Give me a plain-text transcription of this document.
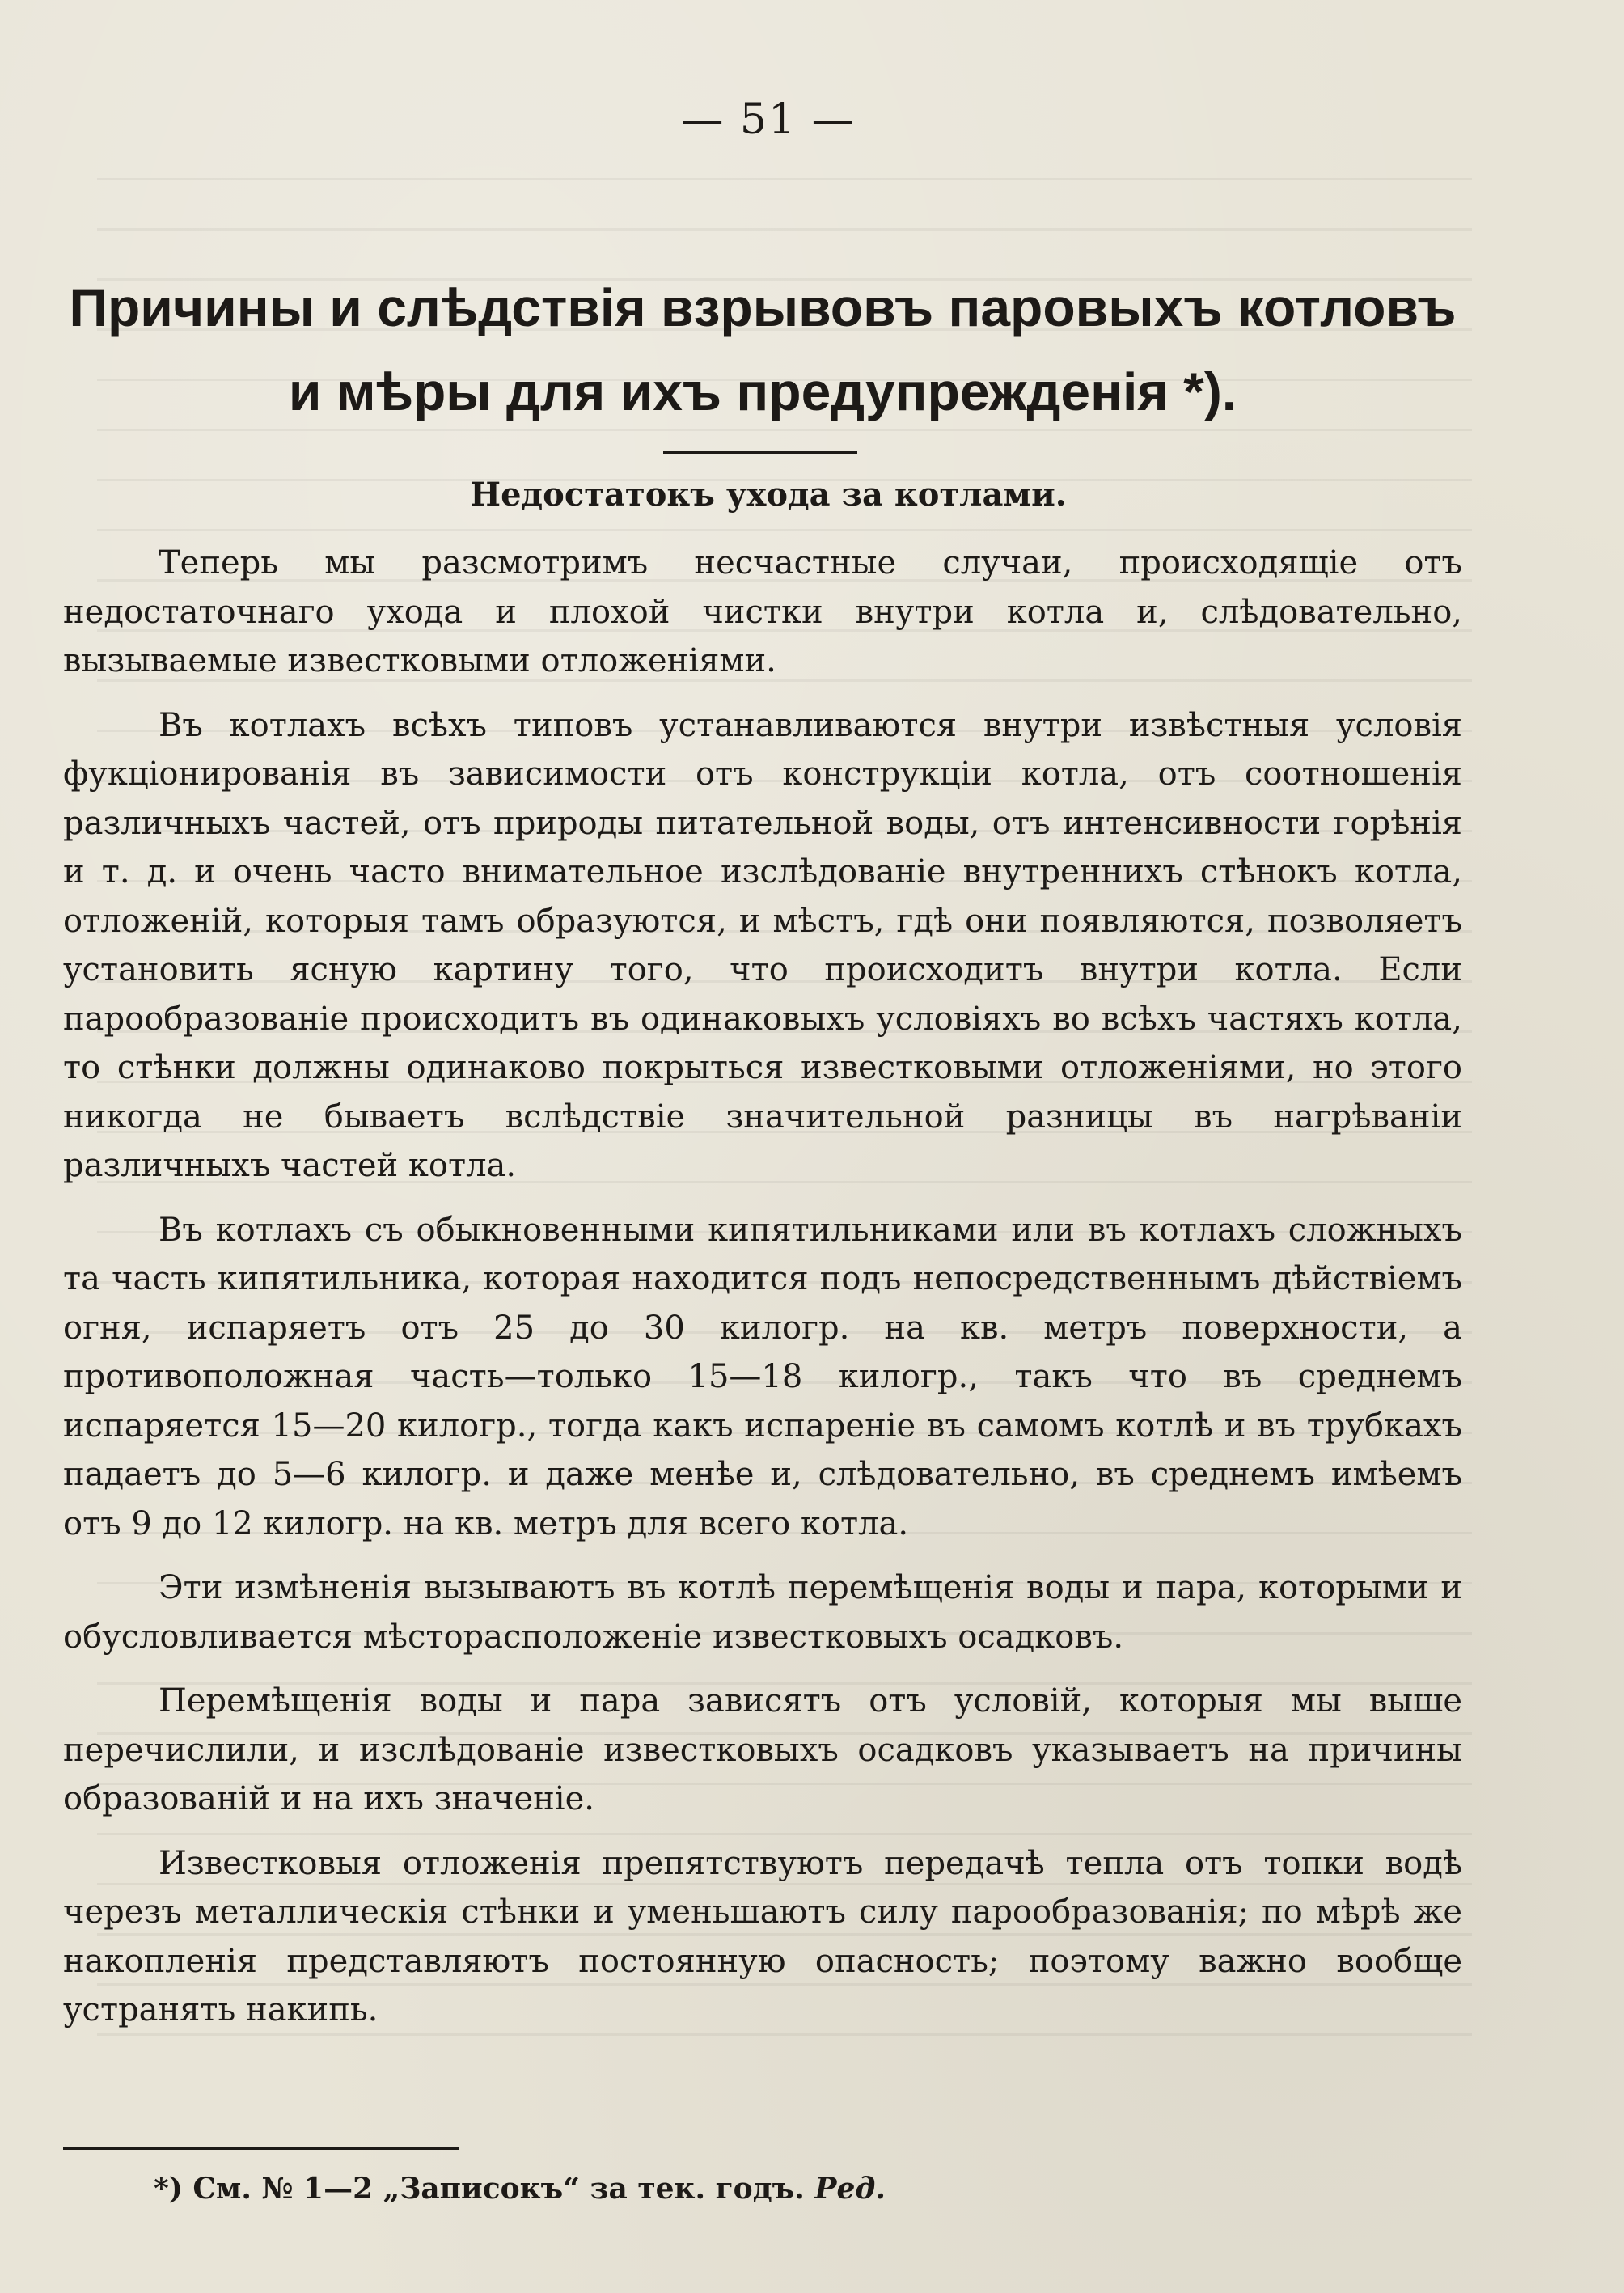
— 51 —
Причины и слѣдствія взрывовъ паровыхъ котловъ и мѣры для ихъ предупрежденія *).
Недостатокъ ухода за котлами.

Теперь мы разсмотримъ несчастные случаи, происходящіе отъ недостаточнаго ухода и плохой чистки внутри котла и, слѣдовательно, вызываемые известковыми отложеніями.

Въ котлахъ всѣхъ типовъ устанавливаются внутри извѣстныя условія фукціонированія въ зависимости отъ конструкціи котла, отъ соотношенія различныхъ частей, отъ природы питательной воды, отъ интенсивности горѣнія и т. д. и очень часто внимательное изслѣдованіе внутреннихъ стѣнокъ котла, отложеній, которыя тамъ образуются, и мѣстъ, гдѣ они появляются, позволяетъ установить ясную картину того, что происходитъ внутри котла. Если парообразованіе происходитъ въ одинаковыхъ условіяхъ во всѣхъ частяхъ котла, то стѣнки должны одинаково покрыться известковыми отложеніями, но этого никогда не бываетъ вслѣдствіе значительной разницы въ нагрѣваніи различныхъ частей котла.

Въ котлахъ съ обыкновенными кипятильниками или въ котлахъ сложныхъ та часть кипятильника, которая находится подъ непосредственнымъ дѣйствіемъ огня, испаряетъ отъ 25 до 30 килогр. на кв. метръ поверхности, а противоположная часть—только 15—18 килогр., такъ что въ среднемъ испаряется 15—20 килогр., тогда какъ испареніе въ самомъ котлѣ и въ трубкахъ падаетъ до 5—6 килогр. и даже менѣе и, слѣдовательно, въ среднемъ имѣемъ отъ 9 до 12 килогр. на кв. метръ для всего котла.

Эти измѣненія вызываютъ въ котлѣ перемѣщенія воды и пара, которыми и обусловливается мѣсторасположеніе известковыхъ осадковъ.

Перемѣщенія воды и пара зависятъ отъ условій, которыя мы выше перечислили, и изслѣдованіе известковыхъ осадковъ указываетъ на причины образованій и на ихъ значеніе.

Известковыя отложенія препятствуютъ передачѣ тепла отъ топки водѣ черезъ металлическія стѣнки и уменьшаютъ силу парообразованія; по мѣрѣ же накопленія представляютъ постоянную опасность; поэтому важно вообще устранять накипь.

*) См. № 1—2 „Записокъ“ за тек. годъ. Ред.
